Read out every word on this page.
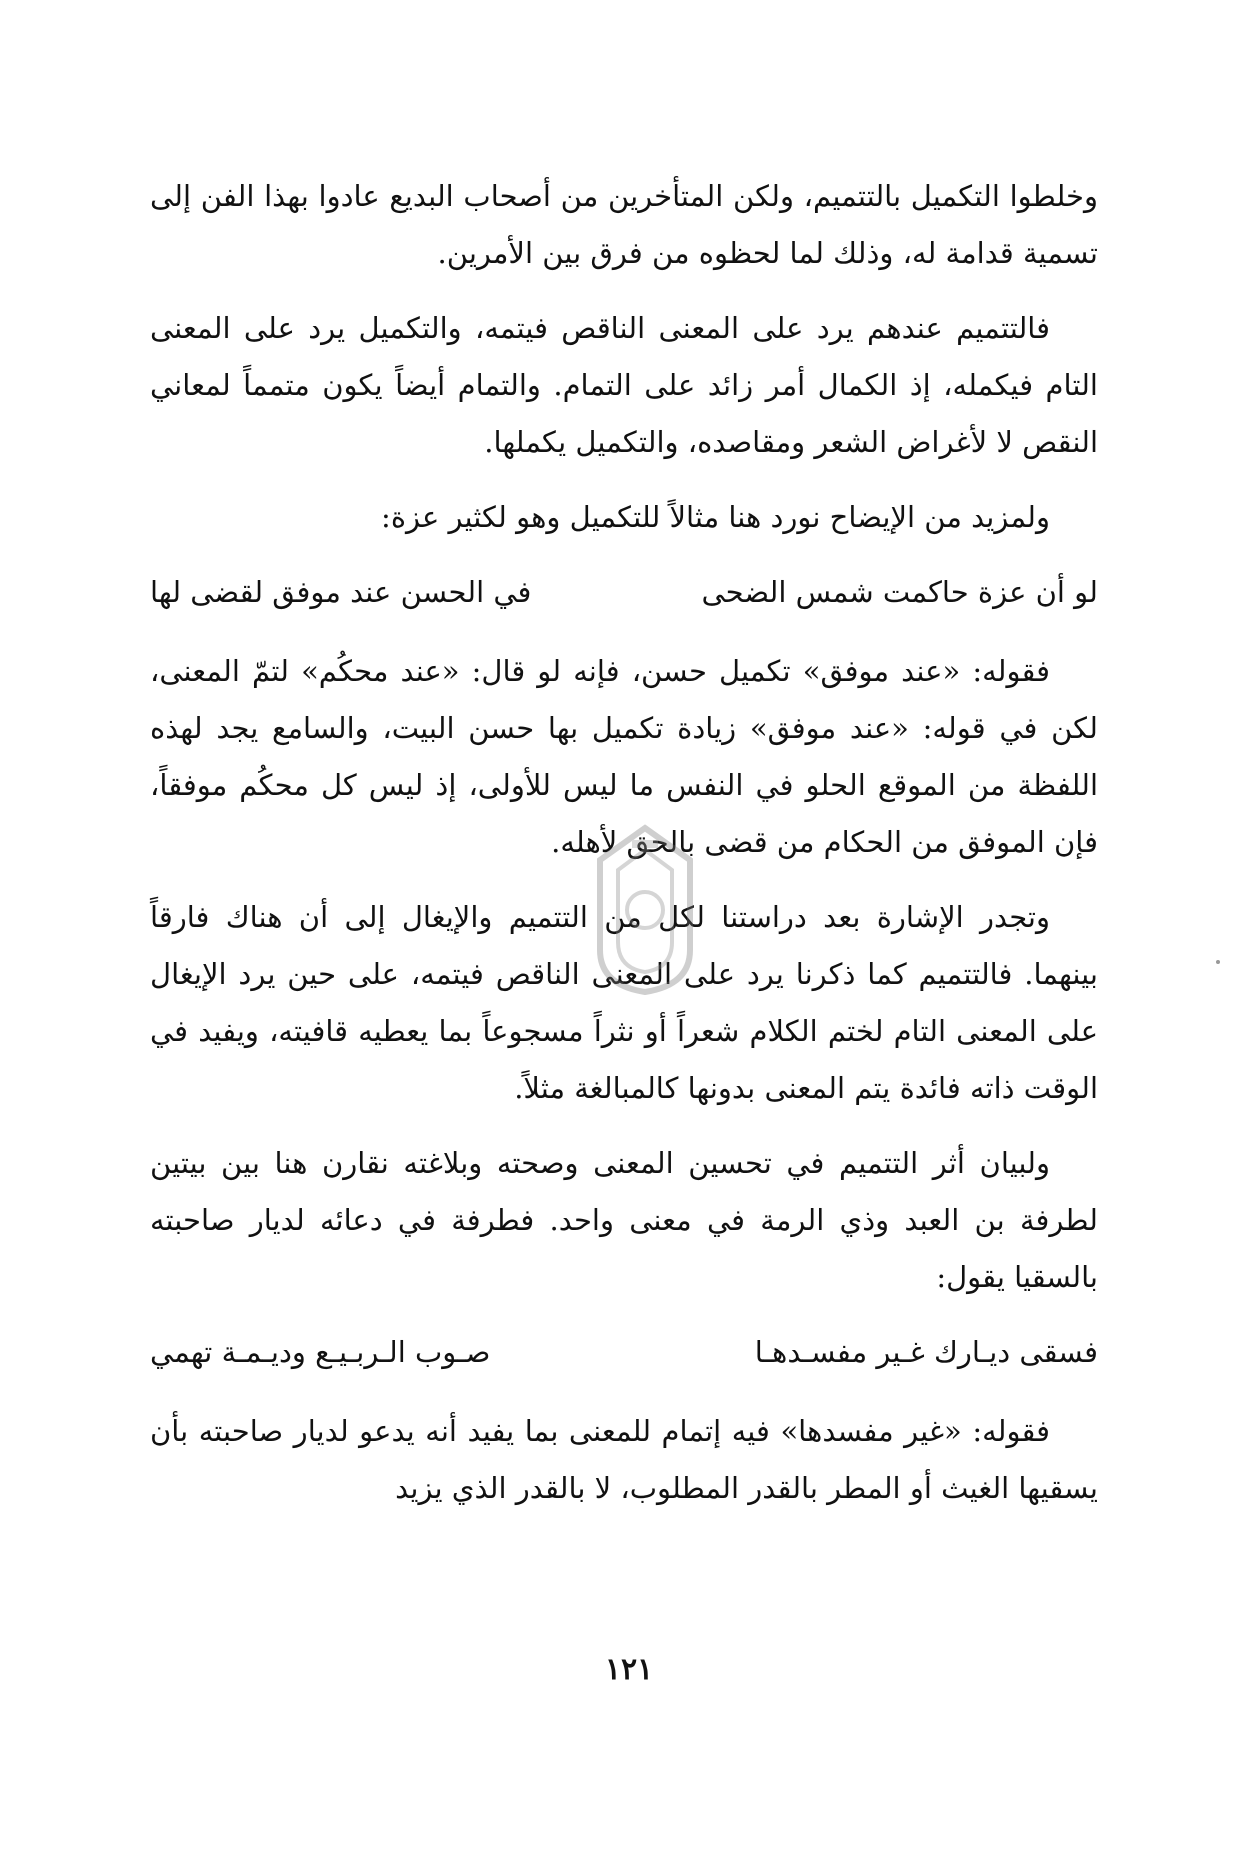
وخلطوا التكميل بالتتميم، ولكن المتأخرين من أصحاب البديع عادوا بهذا الفن إلى تسمية قدامة له، وذلك لما لحظوه من فرق بين الأمرين.

فالتتميم عندهم يرد على المعنى الناقص فيتمه، والتكميل يرد على المعنى التام فيكمله، إذ الكمال أمر زائد على التمام. والتمام أيضاً يكون متمماً لمعاني النقص لا لأغراض الشعر ومقاصده، والتكميل يكملها.

ولمزيد من الإيضاح نورد هنا مثالاً للتكميل وهو لكثير عزة:

لو أن عزة حاكمت شمس الضحى
في الحسن عند موفق لقضى لها

فقوله: «عند موفق» تكميل حسن، فإنه لو قال: «عند محكُم» لتمّ المعنى، لكن في قوله: «عند موفق» زيادة تكميل بها حسن البيت، والسامع يجد لهذه اللفظة من الموقع الحلو في النفس ما ليس للأولى، إذ ليس كل محكُم موفقاً، فإن الموفق من الحكام من قضى بالحق لأهله.

وتجدر الإشارة بعد دراستنا لكل من التتميم والإيغال إلى أن هناك فارقاً بينهما. فالتتميم كما ذكرنا يرد على المعنى الناقص فيتمه، على حين يرد الإيغال على المعنى التام لختم الكلام شعراً أو نثراً مسجوعاً بما يعطيه قافيته، ويفيد في الوقت ذاته فائدة يتم المعنى بدونها كالمبالغة مثلاً.

ولبيان أثر التتميم في تحسين المعنى وصحته وبلاغته نقارن هنا بين بيتين لطرفة بن العبد وذي الرمة في معنى واحد. فطرفة في دعائه لديار صاحبته بالسقيا يقول:

فسقى ديـارك غـير مفسـدهـا
صـوب الـربـيـع وديـمـة تهمي

فقوله: «غير مفسدها» فيه إتمام للمعنى بما يفيد أنه يدعو لديار صاحبته بأن يسقيها الغيث أو المطر بالقدر المطلوب، لا بالقدر الذي يزيد

١٢١
